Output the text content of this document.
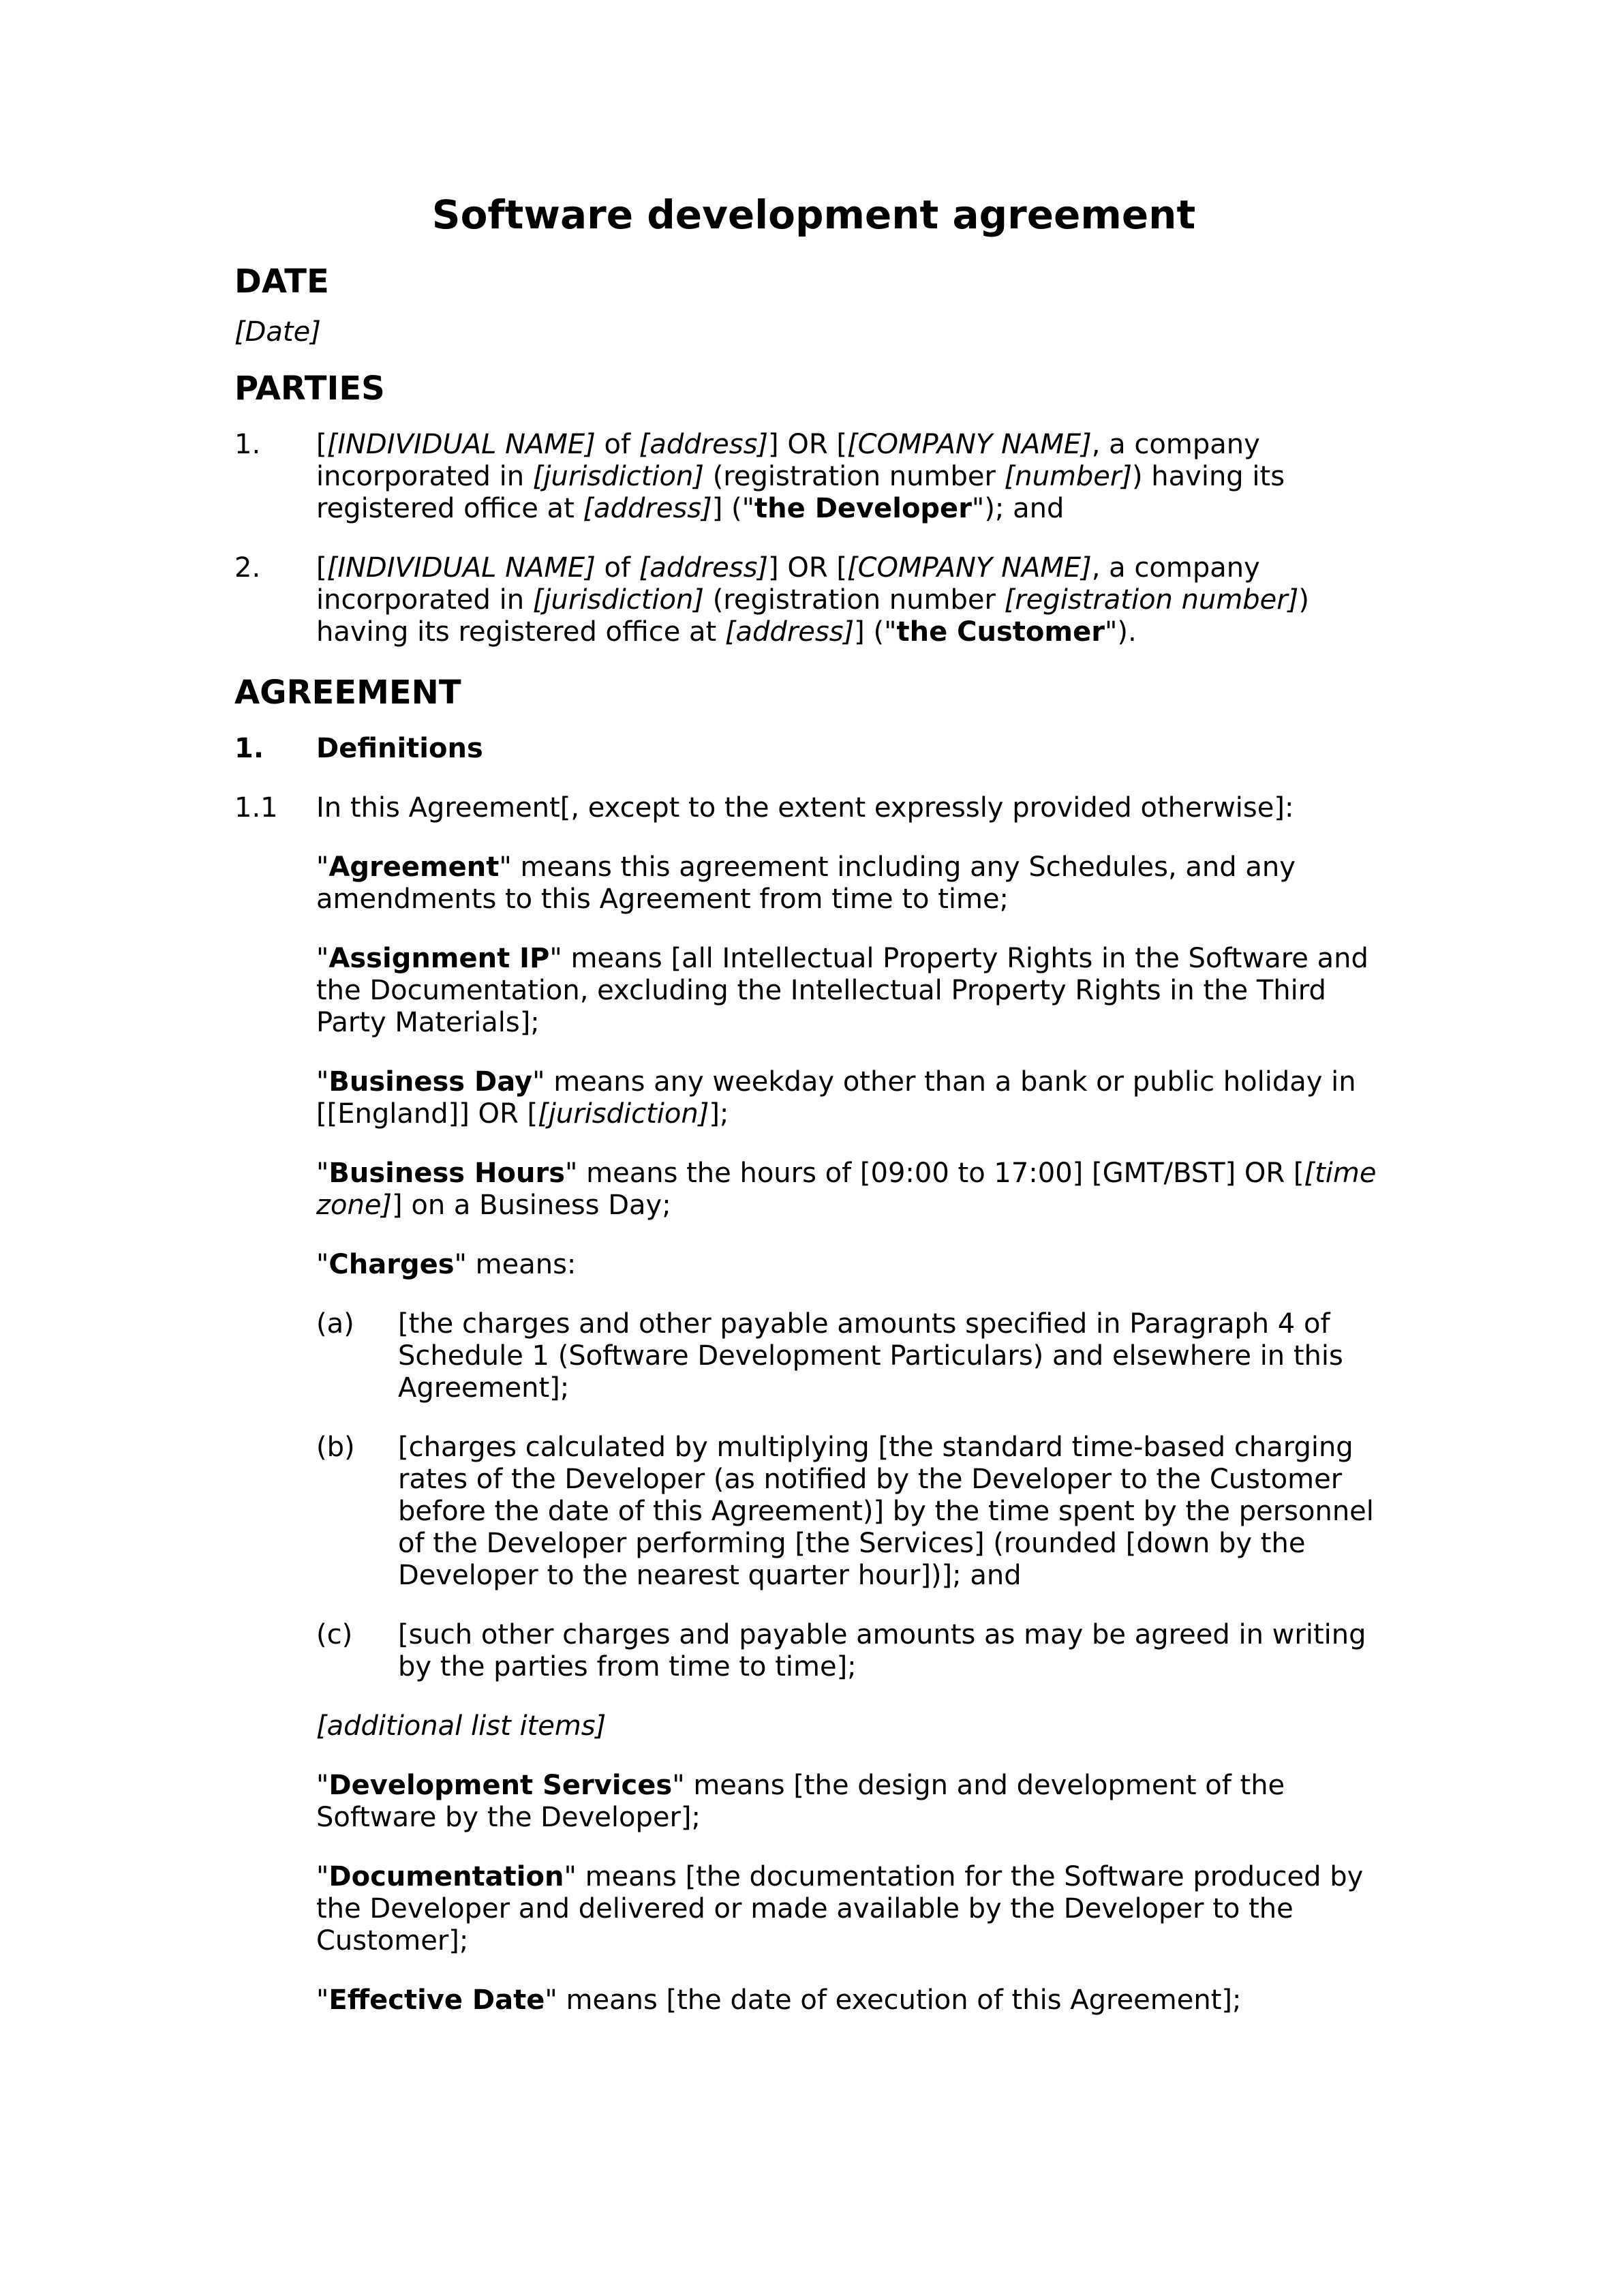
Software development agreement
DATE
[Date]
PARTIES
1. [[INDIVIDUAL NAME] of [address]] OR [[COMPANY NAME], a company incorporated in [jurisdiction] (registration number [number]) having its registered office at [address]] ("the Developer"); and
2. [[INDIVIDUAL NAME] of [address]] OR [[COMPANY NAME], a company incorporated in [jurisdiction] (registration number [registration number]) having its registered office at [address]] ("the Customer").
AGREEMENT
1. Definitions
1.1 In this Agreement[, except to the extent expressly provided otherwise]:
"Agreement" means this agreement including any Schedules, and any amendments to this Agreement from time to time;
"Assignment IP" means [all Intellectual Property Rights in the Software and the Documentation, excluding the Intellectual Property Rights in the Third Party Materials];
"Business Day" means any weekday other than a bank or public holiday in [[England]] OR [[jurisdiction]];
"Business Hours" means the hours of [09:00 to 17:00] [GMT/BST] OR [[time zone]] on a Business Day;
"Charges" means:
(a) [the charges and other payable amounts specified in Paragraph 4 of Schedule 1 (Software Development Particulars) and elsewhere in this Agreement];
(b) [charges calculated by multiplying [the standard time-based charging rates of the Developer (as notified by the Developer to the Customer before the date of this Agreement)] by the time spent by the personnel of the Developer performing [the Services] (rounded [down by the Developer to the nearest quarter hour])]; and
(c) [such other charges and payable amounts as may be agreed in writing by the parties from time to time];
[additional list items]
"Development Services" means [the design and development of the Software by the Developer];
"Documentation" means [the documentation for the Software produced by the Developer and delivered or made available by the Developer to the Customer];
"Effective Date" means [the date of execution of this Agreement];
